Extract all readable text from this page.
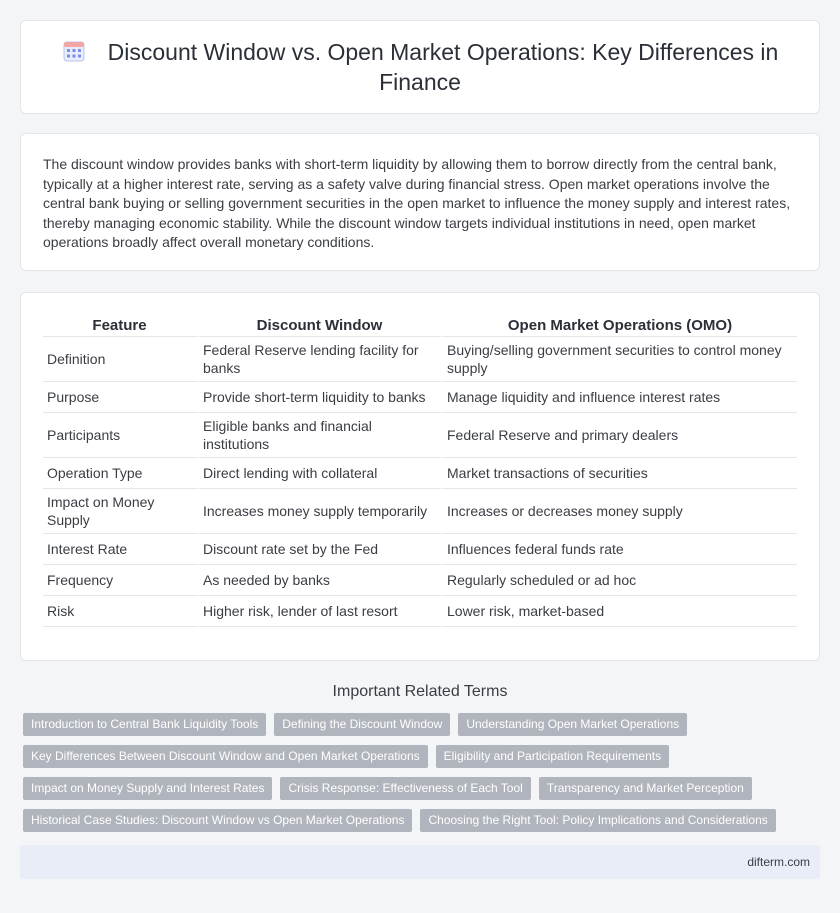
Discount Window vs. Open Market Operations: Key Differences in Finance

The discount window provides banks with short-term liquidity by allowing them to borrow directly from the central bank, typically at a higher interest rate, serving as a safety valve during financial stress. Open market operations involve the central bank buying or selling government securities in the open market to influence the money supply and interest rates, thereby managing economic stability. While the discount window targets individual institutions in need, open market operations broadly affect overall monetary conditions.

Feature	Discount Window	Open Market Operations (OMO)
Definition	Federal Reserve lending facility for banks	Buying/selling government securities to control money supply
Purpose	Provide short-term liquidity to banks	Manage liquidity and influence interest rates
Participants	Eligible banks and financial institutions	Federal Reserve and primary dealers
Operation Type	Direct lending with collateral	Market transactions of securities
Impact on Money Supply	Increases money supply temporarily	Increases or decreases money supply
Interest Rate	Discount rate set by the Fed	Influences federal funds rate
Frequency	As needed by banks	Regularly scheduled or ad hoc
Risk	Higher risk, lender of last resort	Lower risk, market-based
Important Related Terms
Introduction to Central Bank Liquidity Tools	Defining the Discount Window	Understanding Open Market Operations
Key Differences Between Discount Window and Open Market Operations	Eligibility and Participation Requirements
Impact on Money Supply and Interest Rates	Crisis Response: Effectiveness of Each Tool	Transparency and Market Perception
Historical Case Studies: Discount Window vs Open Market Operations	Choosing the Right Tool: Policy Implications and Considerations
difterm.com
